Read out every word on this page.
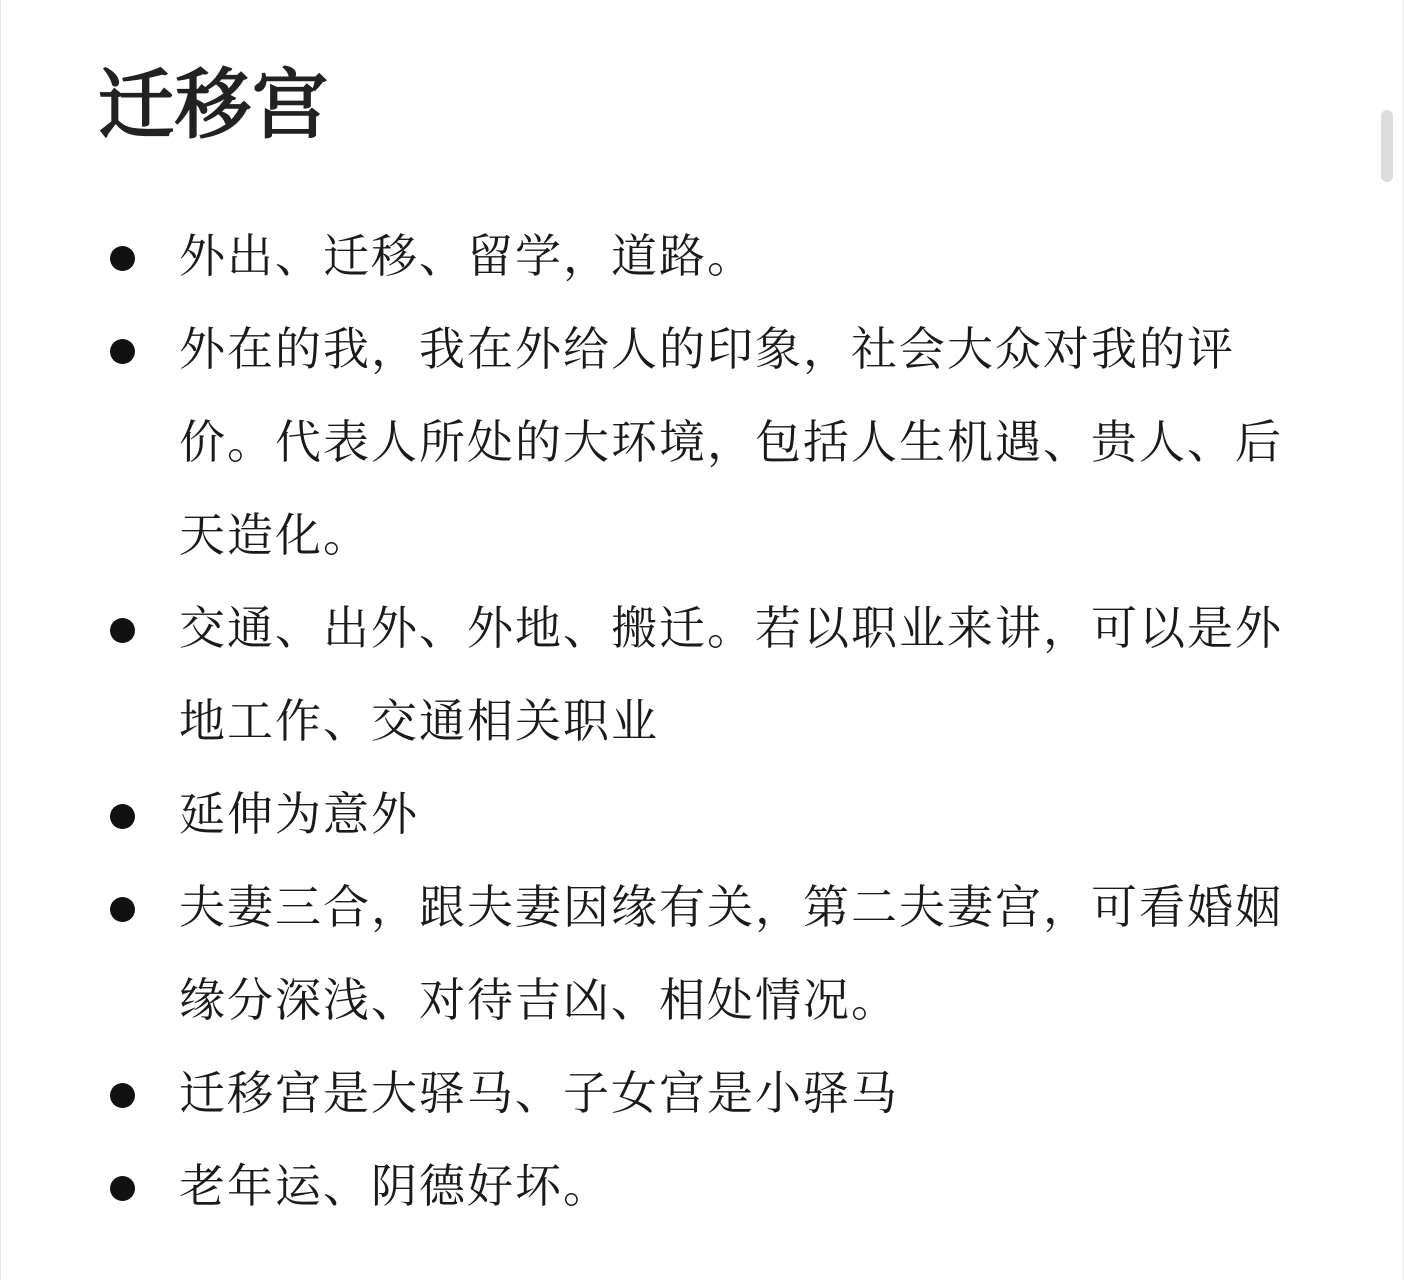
迁移宫
外出、迁移、留学，道路。
外在的我，我在外给人的印象，社会大众对我的评价。代表人所处的大环境，包括人生机遇、贵人、后天造化。
交通、出外、外地、搬迁。若以职业来讲，可以是外地工作、交通相关职业
延伸为意外
夫妻三合，跟夫妻因缘有关，第二夫妻宫，可看婚姻缘分深浅、对待吉凶、相处情况。
迁移宫是大驿马、子女宫是小驿马
老年运、阴德好坏。
